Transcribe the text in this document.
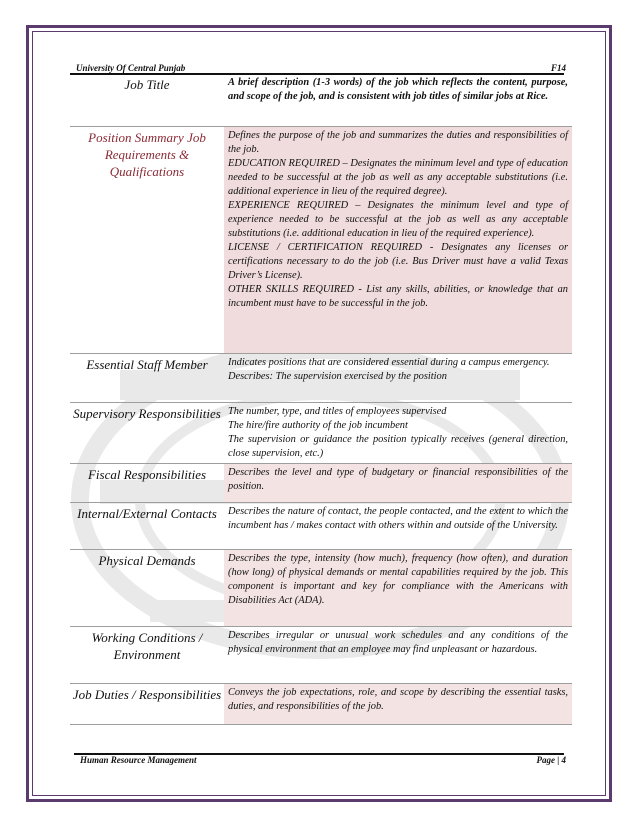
University Of Central Punjab	F14
Job Title	A brief description (1-3 words) of the job which reflects the content, purpose, and scope of the job, and is consistent with job titles of similar jobs at Rice.

Position Summary Job Requirements & Qualifications	Defines the purpose of the job and summarizes the duties and responsibilities of the job.
EDUCATION REQUIRED – Designates the minimum level and type of education needed to be successful at the job as well as any acceptable substitutions (i.e. additional experience in lieu of the required degree).
EXPERIENCE REQUIRED – Designates the minimum level and type of experience needed to be successful at the job as well as any acceptable substitutions (i.e. additional education in lieu of the required experience).
LICENSE / CERTIFICATION REQUIRED - Designates any licenses or certifications necessary to do the job (i.e. Bus Driver must have a valid Texas Driver’s License).
OTHER SKILLS REQUIRED - List any skills, abilities, or knowledge that an incumbent must have to be successful in the job.

Essential Staff Member	Indicates positions that are considered essential during a campus emergency.
Describes: The supervision exercised by the position

Supervisory Responsibilities	The number, type, and titles of employees supervised
The hire/fire authority of the job incumbent
The supervision or guidance the position typically receives (general direction, close supervision, etc.)

Fiscal Responsibilities	Describes the level and type of budgetary or financial responsibilities of the position.

Internal/External Contacts	Describes the nature of contact, the people contacted, and the extent to which the incumbent has / makes contact with others within and outside of the University.

Physical Demands	Describes the type, intensity (how much), frequency (how often), and duration (how long) of physical demands or mental capabilities required by the job. This component is important and key for compliance with the Americans with Disabilities Act (ADA).

Working Conditions / Environment	Describes irregular or unusual work schedules and any conditions of the physical environment that an employee may find unpleasant or hazardous.

Job Duties / Responsibilities	Conveys the job expectations, role, and scope by describing the essential tasks, duties, and responsibilities of the job.
Human Resource Management	Page | 4
